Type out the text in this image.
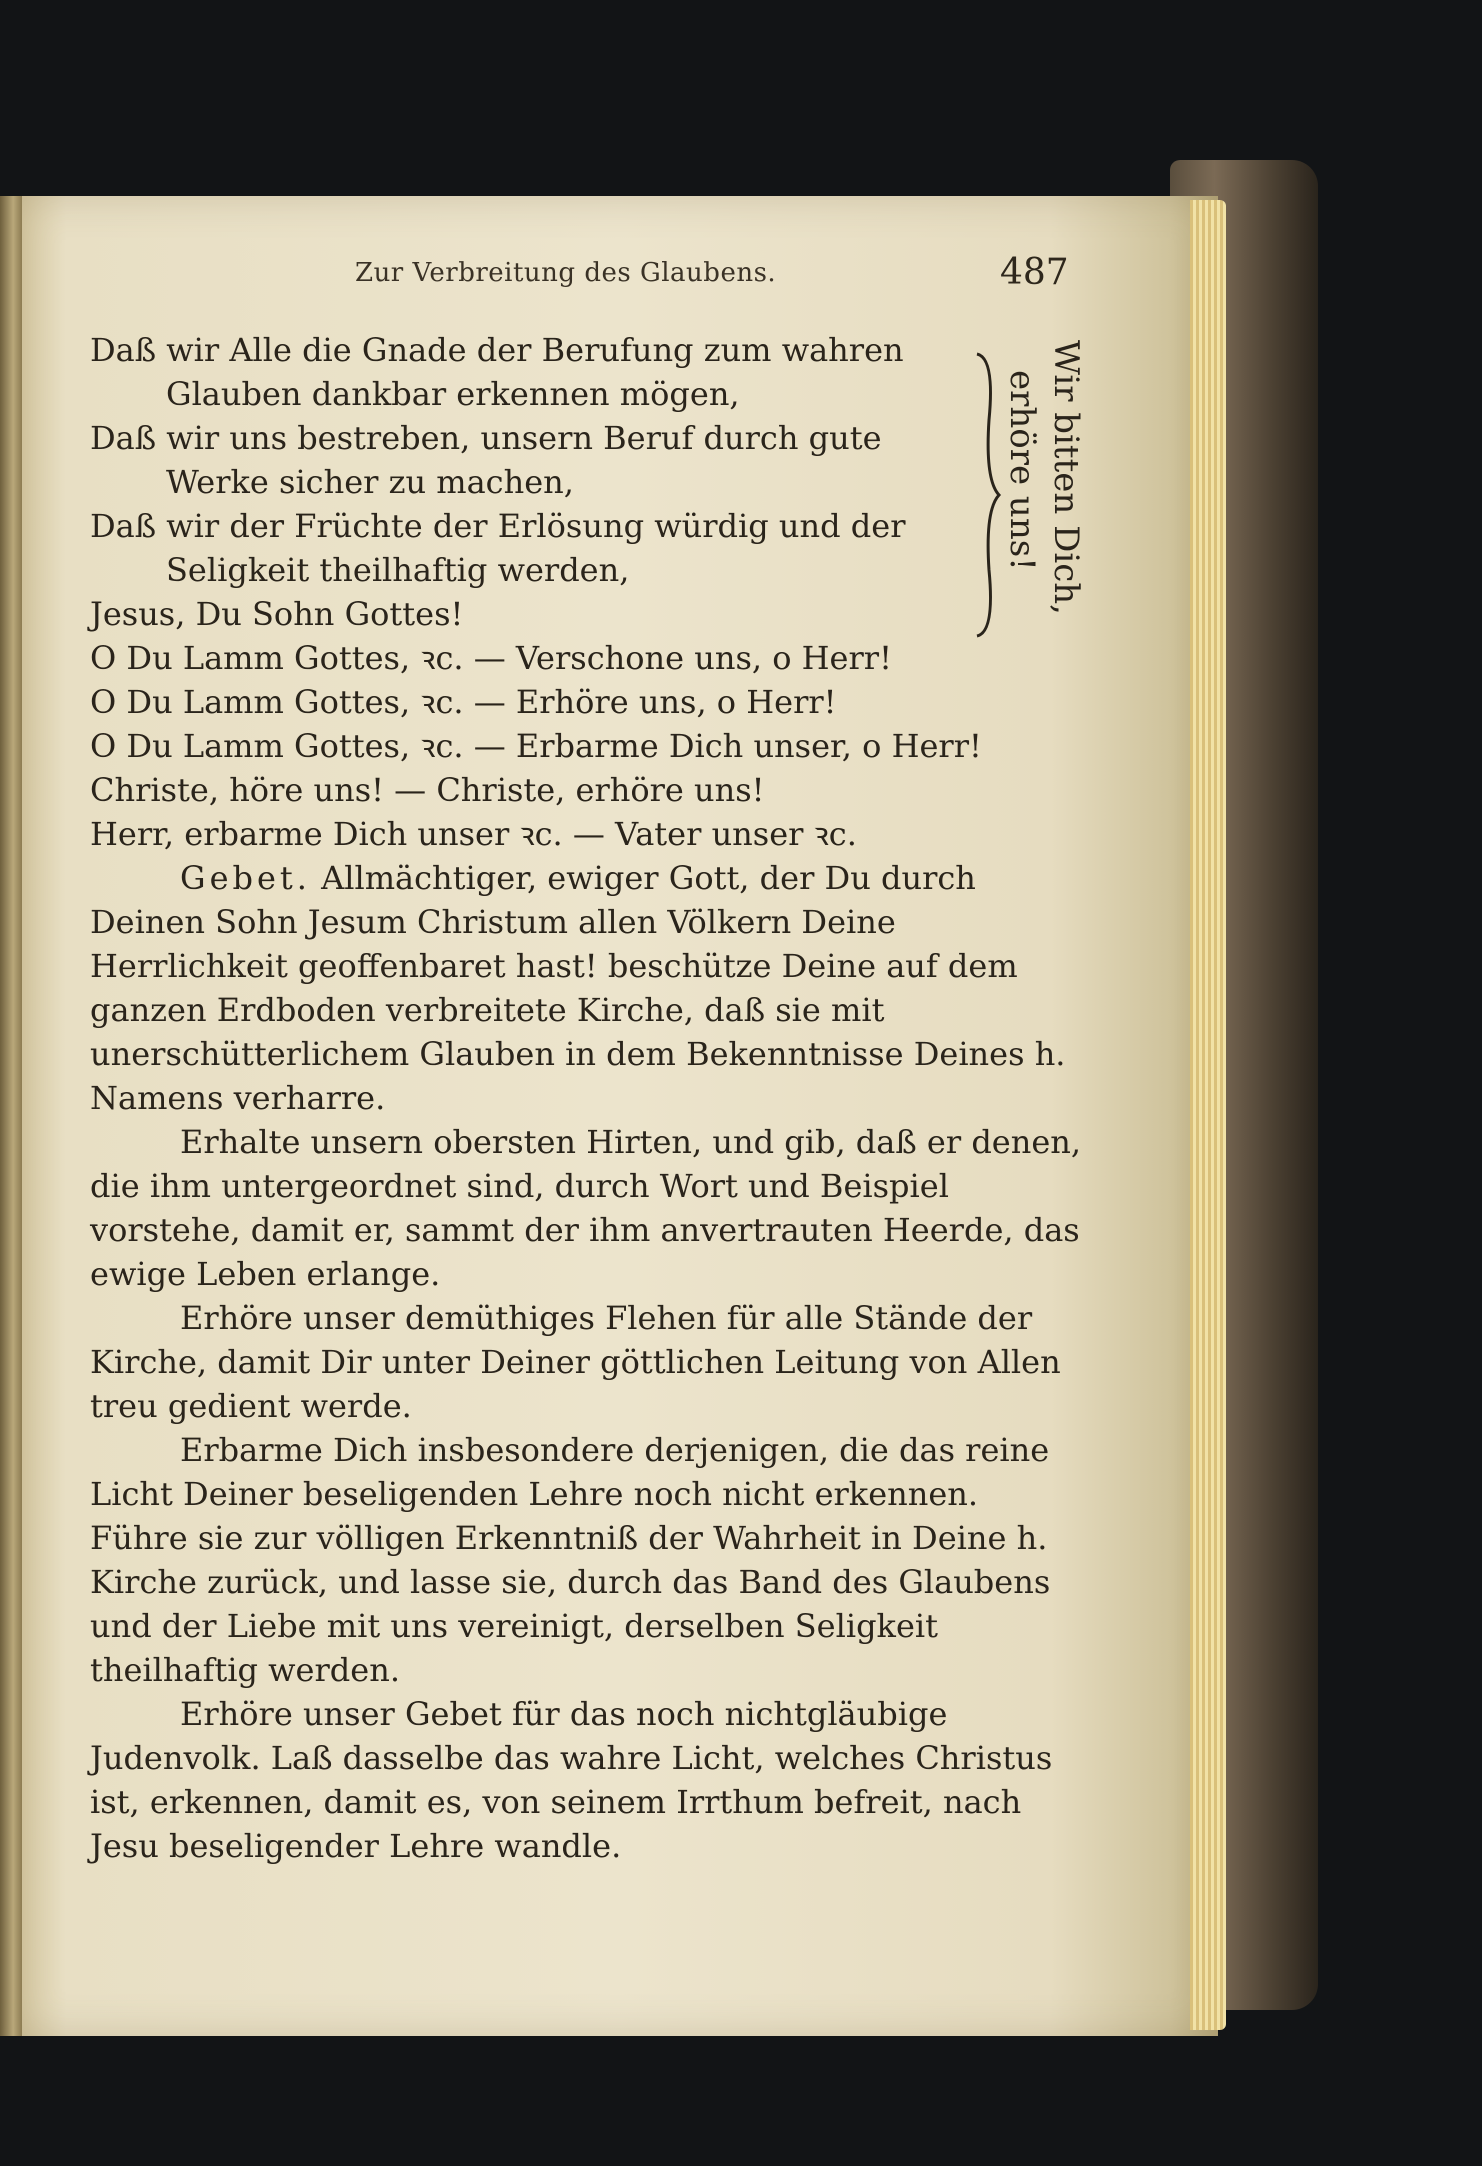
Zur Verbreitung des Glaubens.	487

Daß wir Alle die Gnade der Berufung zum wahren Glauben dankbar erkennen mögen,

Daß wir uns bestreben, unsern Beruf durch gute Werke sicher zu machen,

Daß wir der Früchte der Erlösung würdig und der Seligkeit theilhaftig werden,

Jesus, Du Sohn Gottes!

O Du Lamm Gottes, ꝛc. — Verschone uns, o Herr!

O Du Lamm Gottes, ꝛc. — Erhöre uns, o Herr!

O Du Lamm Gottes, ꝛc. — Erbarme Dich unser, o Herr!

Christe, höre uns! — Christe, erhöre uns!

Herr, erbarme Dich unser ꝛc. — Vater unser ꝛc.

Gebet. Allmächtiger, ewiger Gott, der Du durch Deinen Sohn Jesum Christum allen Völkern Deine Herrlichkeit geoffenbaret hast! beschütze Deine auf dem ganzen Erdboden verbreitete Kirche, daß sie mit unerschütterlichem Glauben in dem Bekenntnisse Deines h. Namens verharre.

Erhalte unsern obersten Hirten, und gib, daß er denen, die ihm untergeordnet sind, durch Wort und Beispiel vorstehe, damit er, sammt der ihm anvertrauten Heerde, das ewige Leben erlange.

Erhöre unser demüthiges Flehen für alle Stände der Kirche, damit Dir unter Deiner göttlichen Leitung von Allen treu gedient werde.

Erbarme Dich insbesondere derjenigen, die das reine Licht Deiner beseligenden Lehre noch nicht erkennen. Führe sie zur völligen Erkenntniß der Wahrheit in Deine h. Kirche zurück, und lasse sie, durch das Band des Glaubens und der Liebe mit uns vereinigt, derselben Seligkeit theilhaftig werden.

Erhöre unser Gebet für das noch nichtgläubige Judenvolk. Laß dasselbe das wahre Licht, welches Christus ist, erkennen, damit es, von seinem Irrthum befreit, nach Jesu beseligender Lehre wandle.

Wir bitten Dich,
erhöre uns!
